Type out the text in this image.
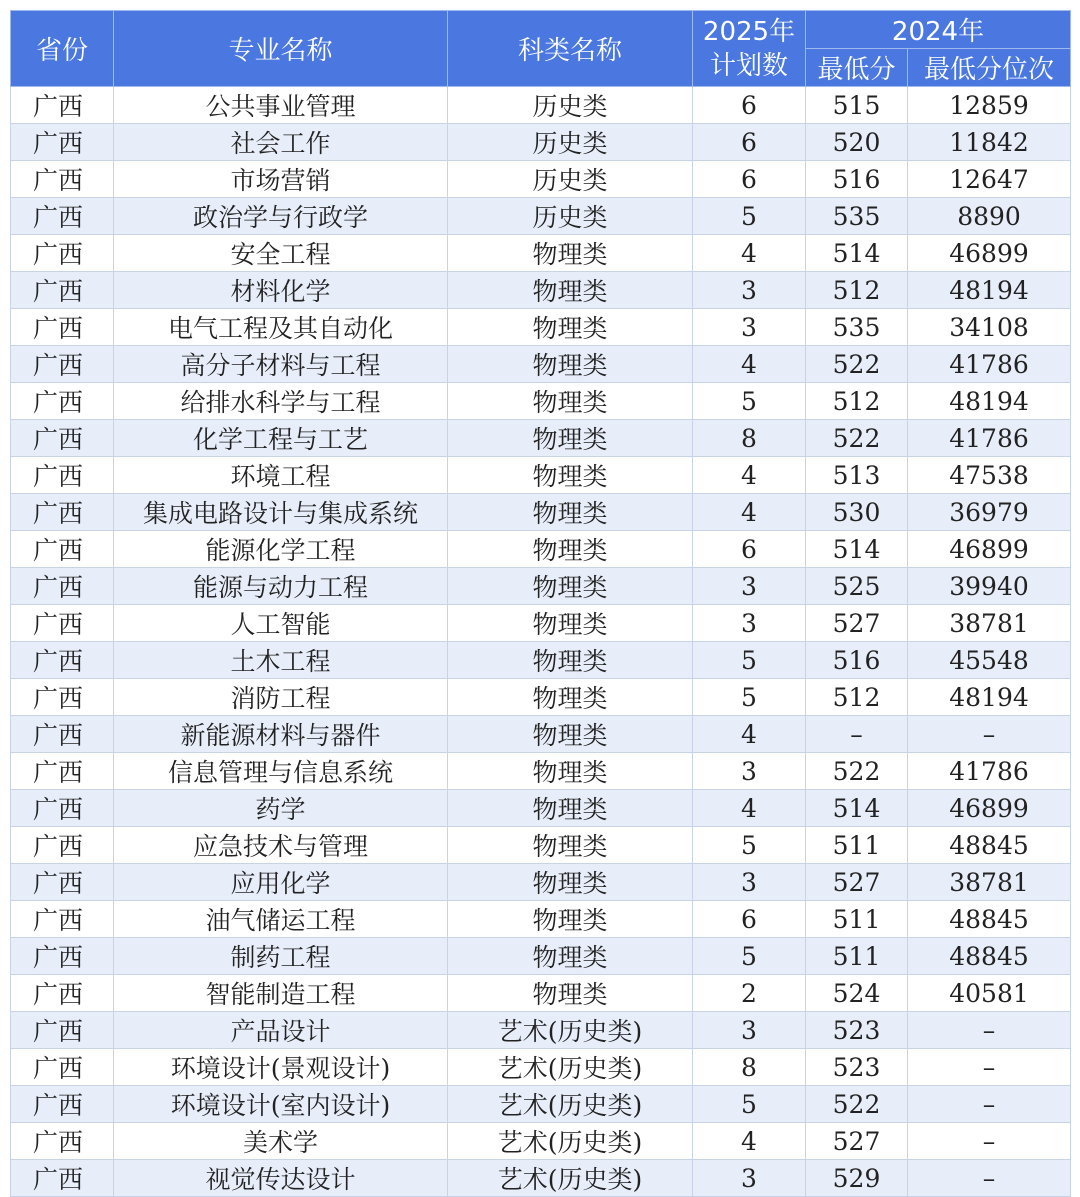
省份	专业名称	科类名称	2025年
计划数	2024年	
				最低分	最低分位次
广西	公共事业管理	历史类	6	515	12859
广西	社会工作	历史类	6	520	11842
广西	市场营销	历史类	6	516	12647
广西	政治学与行政学	历史类	5	535	8890
广西	安全工程	物理类	4	514	46899
广西	材料化学	物理类	3	512	48194
广西	电气工程及其自动化	物理类	3	535	34108
广西	高分子材料与工程	物理类	4	522	41786
广西	给排水科学与工程	物理类	5	512	48194
广西	化学工程与工艺	物理类	8	522	41786
广西	环境工程	物理类	4	513	47538
广西	集成电路设计与集成系统	物理类	4	530	36979
广西	能源化学工程	物理类	6	514	46899
广西	能源与动力工程	物理类	3	525	39940
广西	人工智能	物理类	3	527	38781
广西	土木工程	物理类	5	516	45548
广西	消防工程	物理类	5	512	48194
广西	新能源材料与器件	物理类	4	–	–
广西	信息管理与信息系统	物理类	3	522	41786
广西	药学	物理类	4	514	46899
广西	应急技术与管理	物理类	5	511	48845
广西	应用化学	物理类	3	527	38781
广西	油气储运工程	物理类	6	511	48845
广西	制药工程	物理类	5	511	48845
广西	智能制造工程	物理类	2	524	40581
广西	产品设计	艺术(历史类)	3	523	–
广西	环境设计(景观设计)	艺术(历史类)	8	523	–
广西	环境设计(室内设计)	艺术(历史类)	5	522	–
广西	美术学	艺术(历史类)	4	527	–
广西	视觉传达设计	艺术(历史类)	3	529	–
